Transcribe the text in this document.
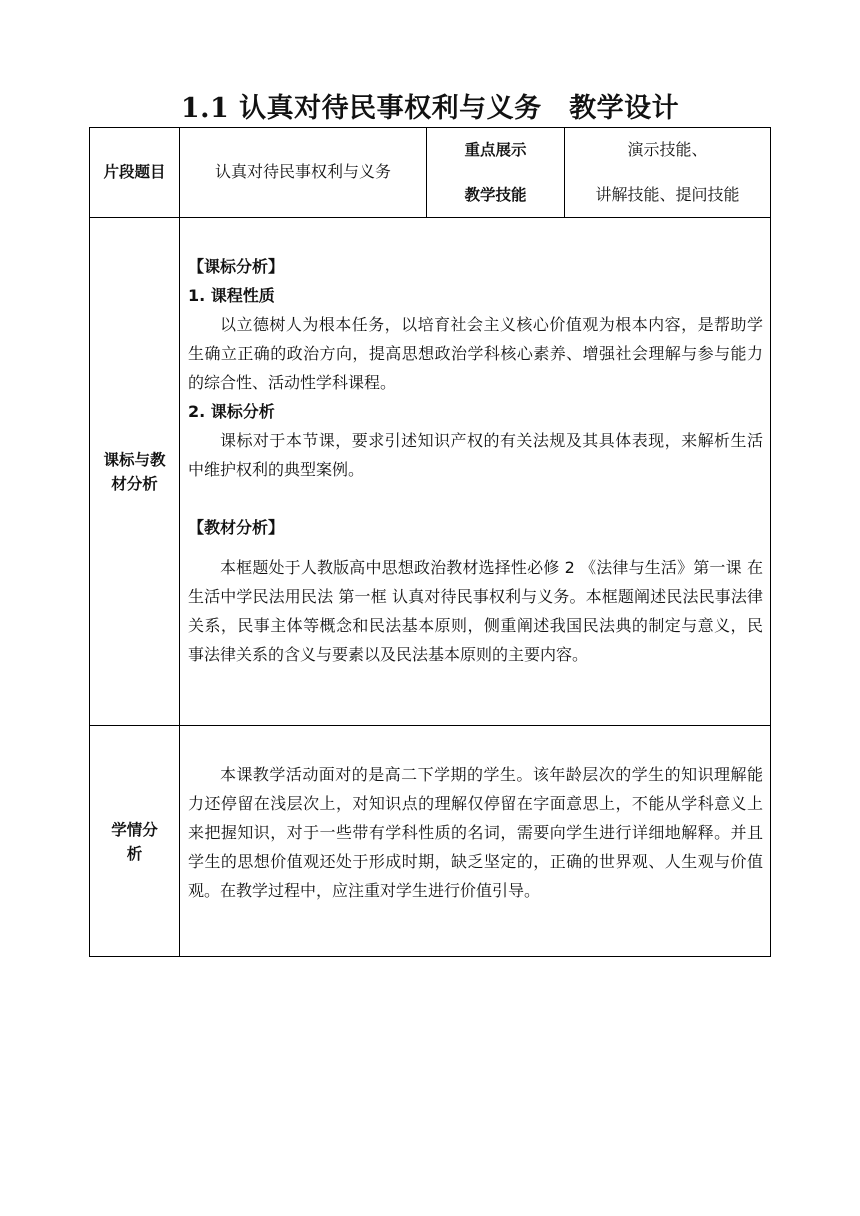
1.1 认真对待民事权利与义务　教学设计
片段题目	认真对待民事权利与义务
重点展示
教学技能
演示技能、
讲解技能、提问技能
课标与教
材分析
【课标分析】
1. 课程性质
以立德树人为根本任务，以培育社会主义核心价值观为根本内容，是帮助学生确立正确的政治方向，提高思想政治学科核心素养、增强社会理解与参与能力的综合性、活动性学科课程。
2. 课标分析
课标对于本节课，要求引述知识产权的有关法规及其具体表现，来解析生活中维护权利的典型案例。
【教材分析】
本框题处于人教版高中思想政治教材选择性必修 2 《法律与生活》第一课 在生活中学民法用民法 第一框 认真对待民事权利与义务。本框题阐述民法民事法律关系，民事主体等概念和民法基本原则，侧重阐述我国民法典的制定与意义，民事法律关系的含义与要素以及民法基本原则的主要内容。
学情分
析
本课教学活动面对的是高二下学期的学生。该年龄层次的学生的知识理解能力还停留在浅层次上，对知识点的理解仅停留在字面意思上，不能从学科意义上来把握知识，对于一些带有学科性质的名词，需要向学生进行详细地解释。并且学生的思想价值观还处于形成时期，缺乏坚定的，正确的世界观、人生观与价值观。在教学过程中，应注重对学生进行价值引导。
